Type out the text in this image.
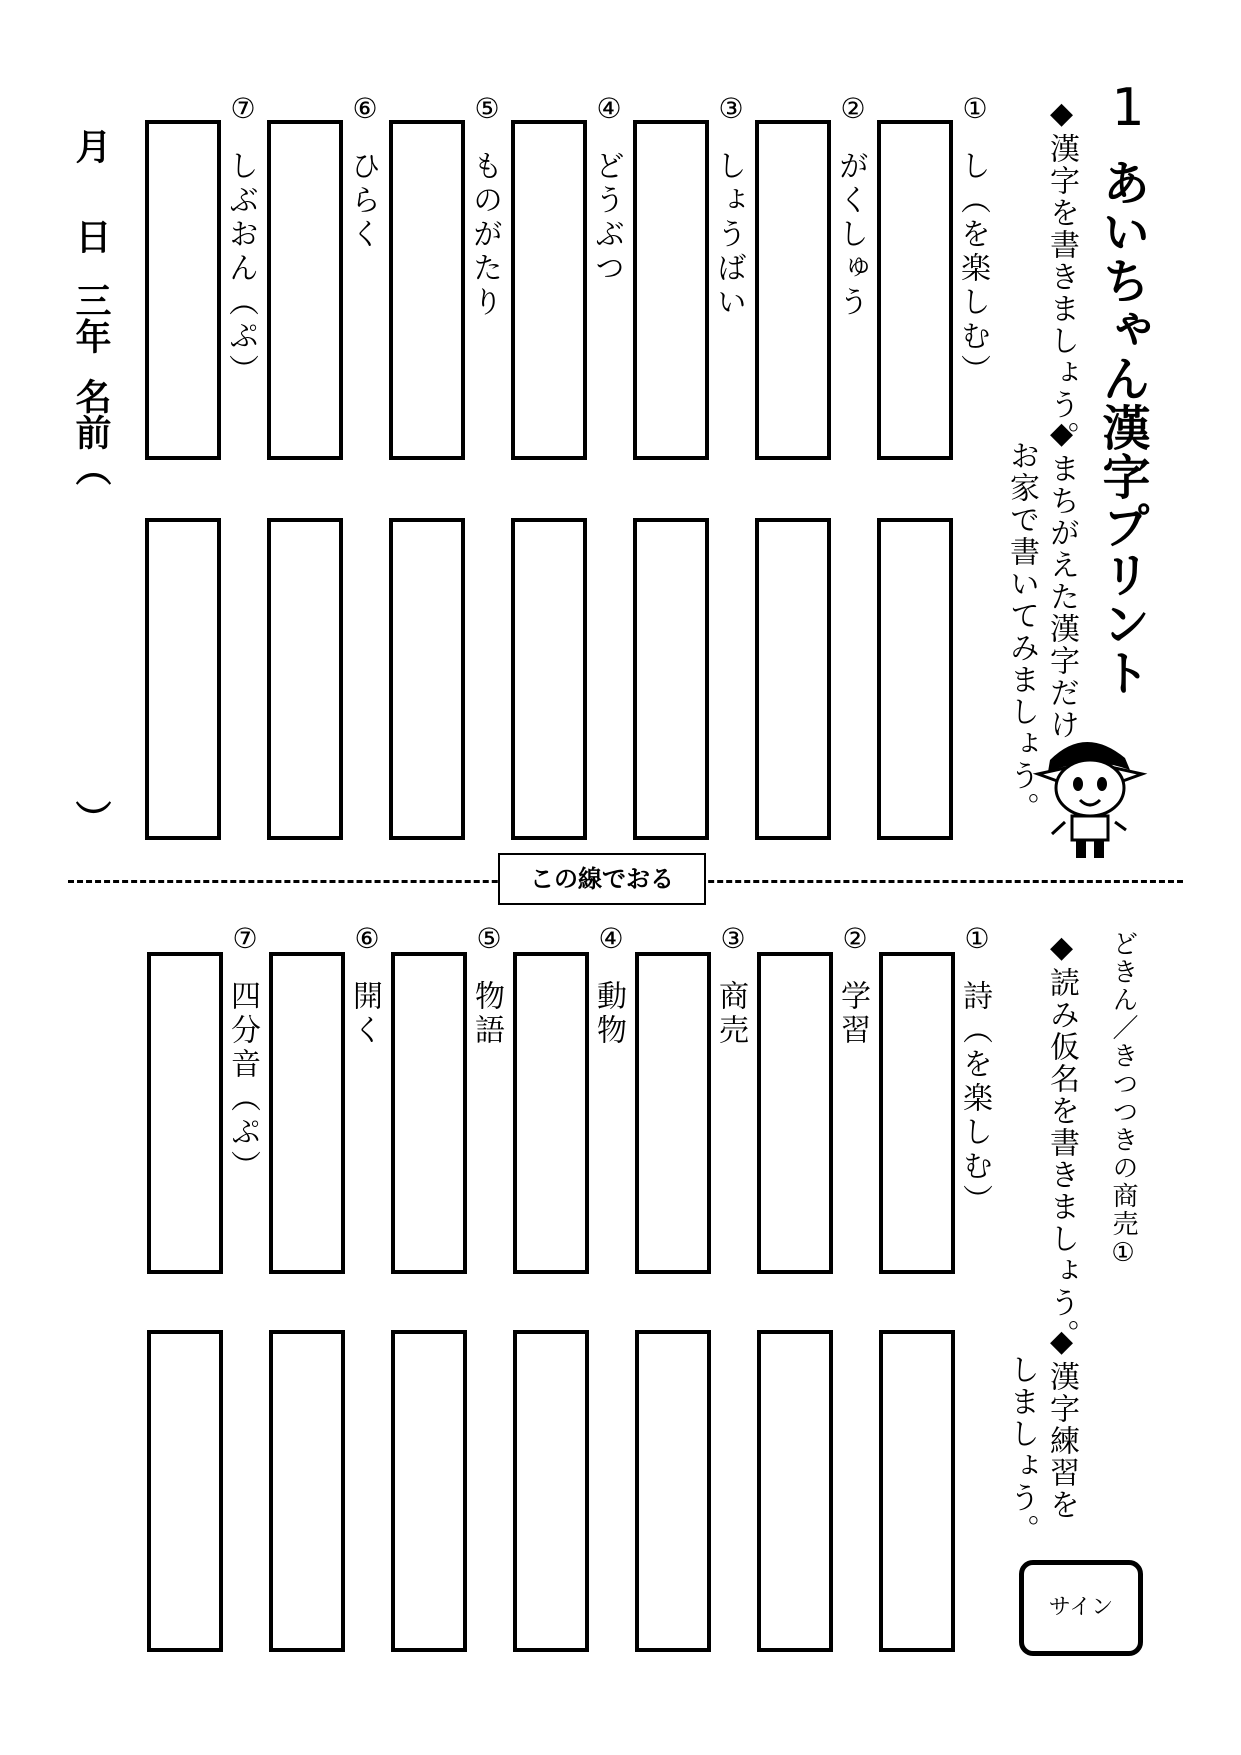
1
あいちゃん漢字プリント
◆漢字を書きましょう。
◆まちがえた漢字だけ
お家で書いてみましょう。
月
日
三年
名前（
）
①
②
③
④
⑤
⑥
⑦
し（を楽しむ）
がくしゅう
しょうばい
どうぶつ
ものがたり
ひらく
しぶおん（ぷ）
この線でおる
どきん／きつつきの商売①
◆読み仮名を書きましょう。
◆漢字練習を
しましょう。
①
②
③
④
⑤
⑥
⑦
詩（を楽しむ）
学習
商売
動物
物語
開く
四分音（ぷ）
サイン
